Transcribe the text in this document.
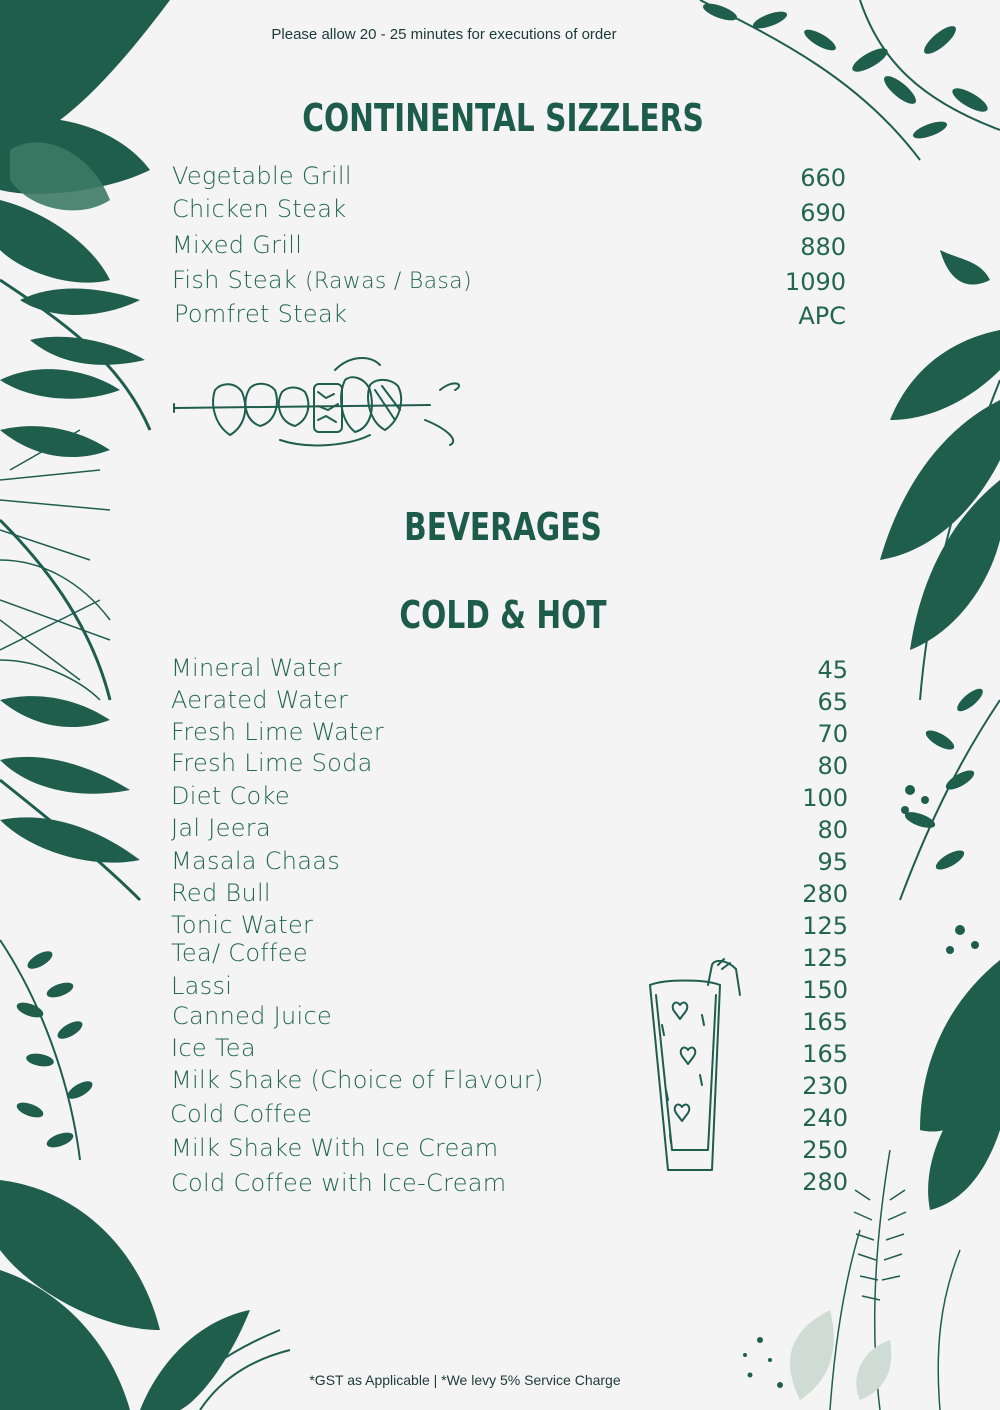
Please allow 20 - 25 minutes for executions of order
CONTINENTAL SIZZLERS
Vegetable Grill	660
Chicken Steak	690
Mixed Grill	880
Fish Steak (Rawas / Basa)	1090
Pomfret Steak	APC
BEVERAGES
COLD & HOT
Mineral Water	45
Aerated Water	65
Fresh Lime Water	70
Fresh Lime Soda	80
Diet Coke	100
Jal Jeera	80
Masala Chaas	95
Red Bull	280
Tonic Water	125
Tea/ Coffee	125
Lassi	150
Canned Juice	165
Ice Tea	165
Milk Shake (Choice of Flavour)	230
Cold Coffee	240
Milk Shake With Ice Cream	250
Cold Coffee with Ice-Cream	280
*GST as Applicable | *We levy 5% Service Charge
